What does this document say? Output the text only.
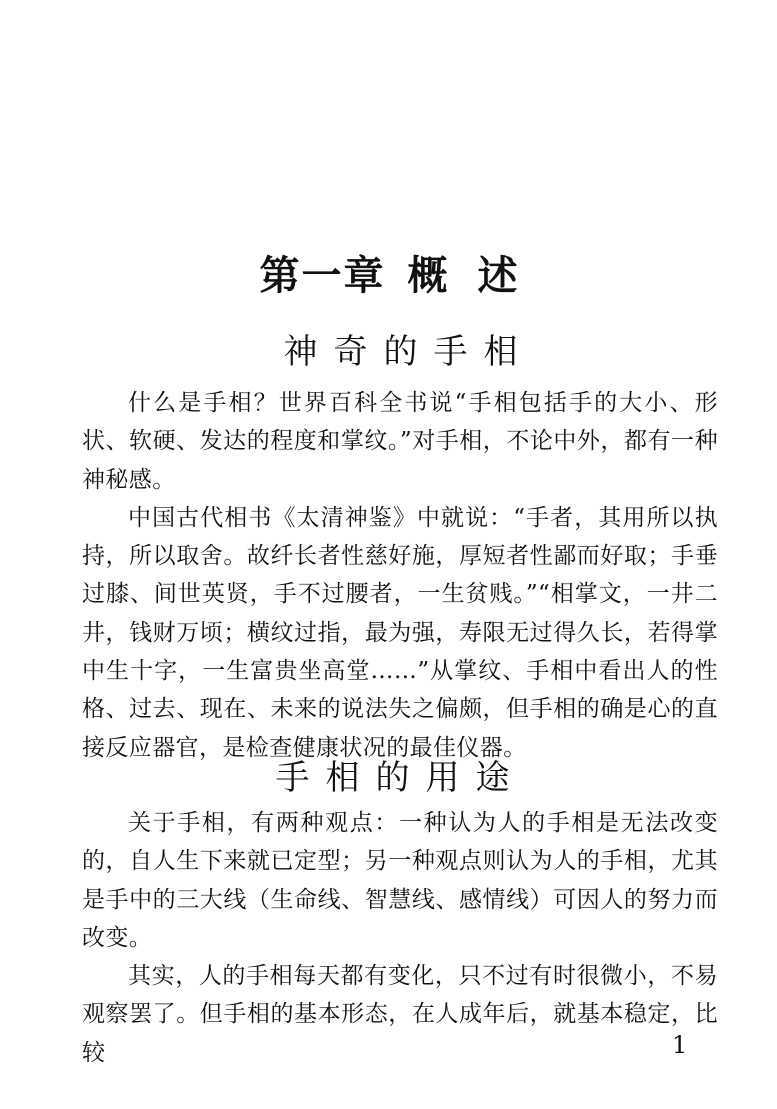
第一章 概述
神奇的手相

什么是手相？世界百科全书说“手相包括手的大小、形状、软硬、发达的程度和掌纹。”对手相，不论中外，都有一种神秘感。

中国古代相书《太清神鉴》中就说：“手者，其用所以执持，所以取舍。故纤长者性慈好施，厚短者性鄙而好取；手垂过膝、间世英贤，手不过腰者，一生贫贱。”“相掌文，一井二井，钱财万顷；横纹过指，最为强，寿限无过得久长，若得掌中生十字，一生富贵坐高堂……”从掌纹、手相中看出人的性格、过去、现在、未来的说法失之偏颇，但手相的确是心的直接反应器官，是检查健康状况的最佳仪器。

手相的用途

关于手相，有两种观点：一种认为人的手相是无法改变的，自人生下来就已定型；另一种观点则认为人的手相，尤其是手中的三大线（生命线、智慧线、感情线）可因人的努力而改变。

其实，人的手相每天都有变化，只不过有时很微小，不易观察罢了。但手相的基本形态，在人成年后，就基本稳定，比较	1
